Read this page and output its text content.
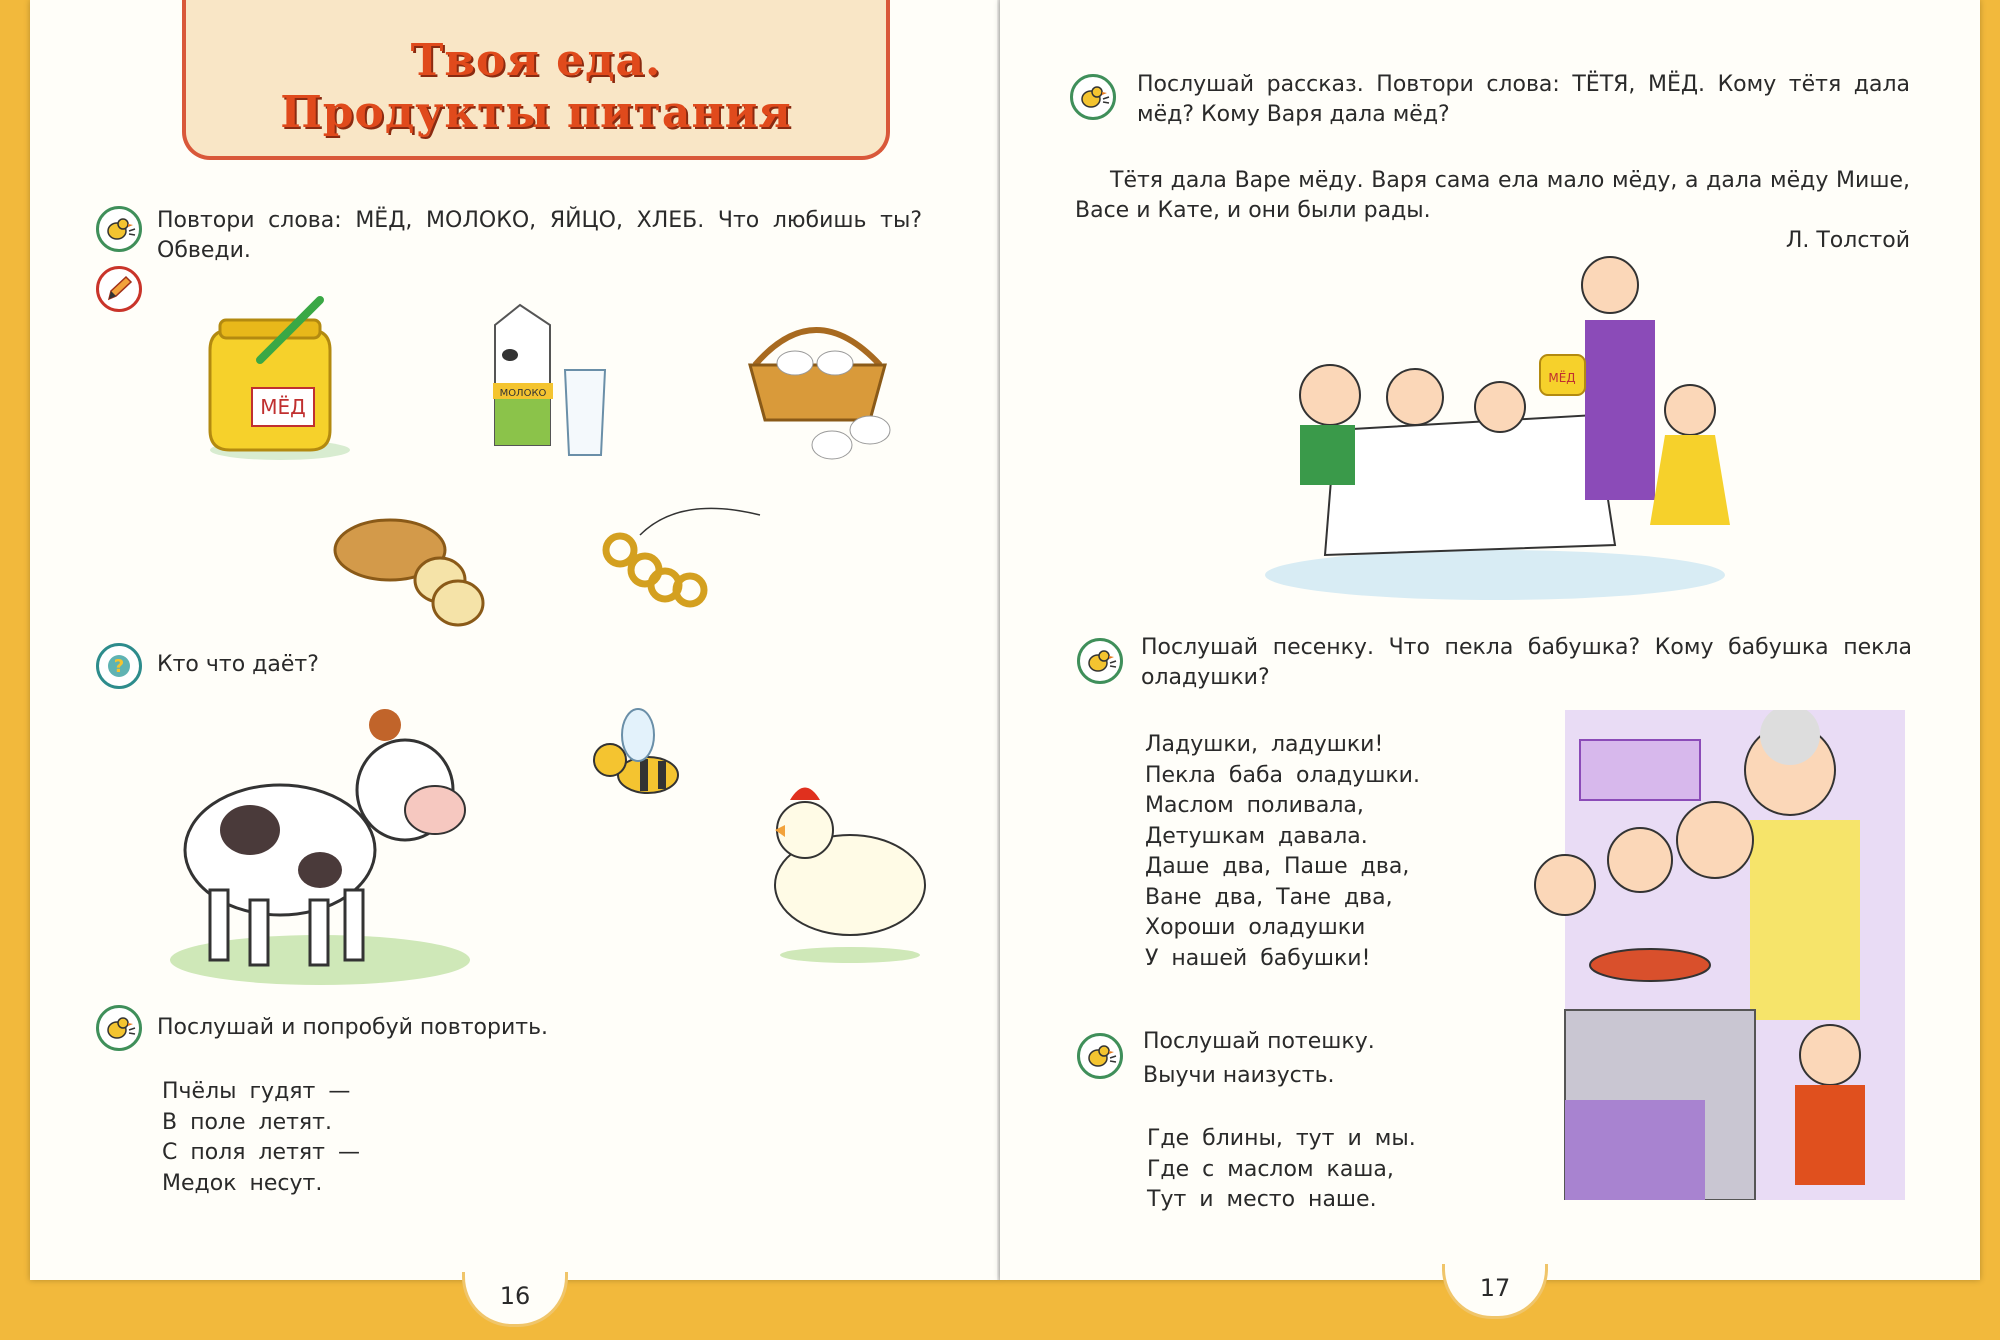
Твоя еда.
Продукты питания
Повтори слова: МЁД, МОЛОКО, ЯЙЦО, ХЛЕБ. Что любишь ты? Обведи.
МЁД
МОЛОКО
? Кто что даёт?
Послушай и попробуй повторить.
Пчёлы гудят —
В поле летят.
С поля летят —
Медок несут.
16
Послушай рассказ. Повтори слова: ТЁТЯ, МЁД. Кому тётя дала мёд? Кому Варя дала мёд?
Тётя дала Варе мёду. Варя сама ела мало мёду, а дала мёду Мише, Васе и Кате, и они были рады.
Л. Толстой
МЁД
Послушай песенку. Что пекла бабушка? Кому бабушка пекла оладушки?
Ладушки, ладушки!
Пекла баба оладушки.
Маслом поливала,
Детушкам давала.
Даше два, Паше два,
Ване два, Тане два,
Хороши оладушки
У нашей бабушки!
Послушай потешку.
Выучи наизусть.
Где блины, тут и мы.
Где с маслом каша,
Тут и место наше.
17
